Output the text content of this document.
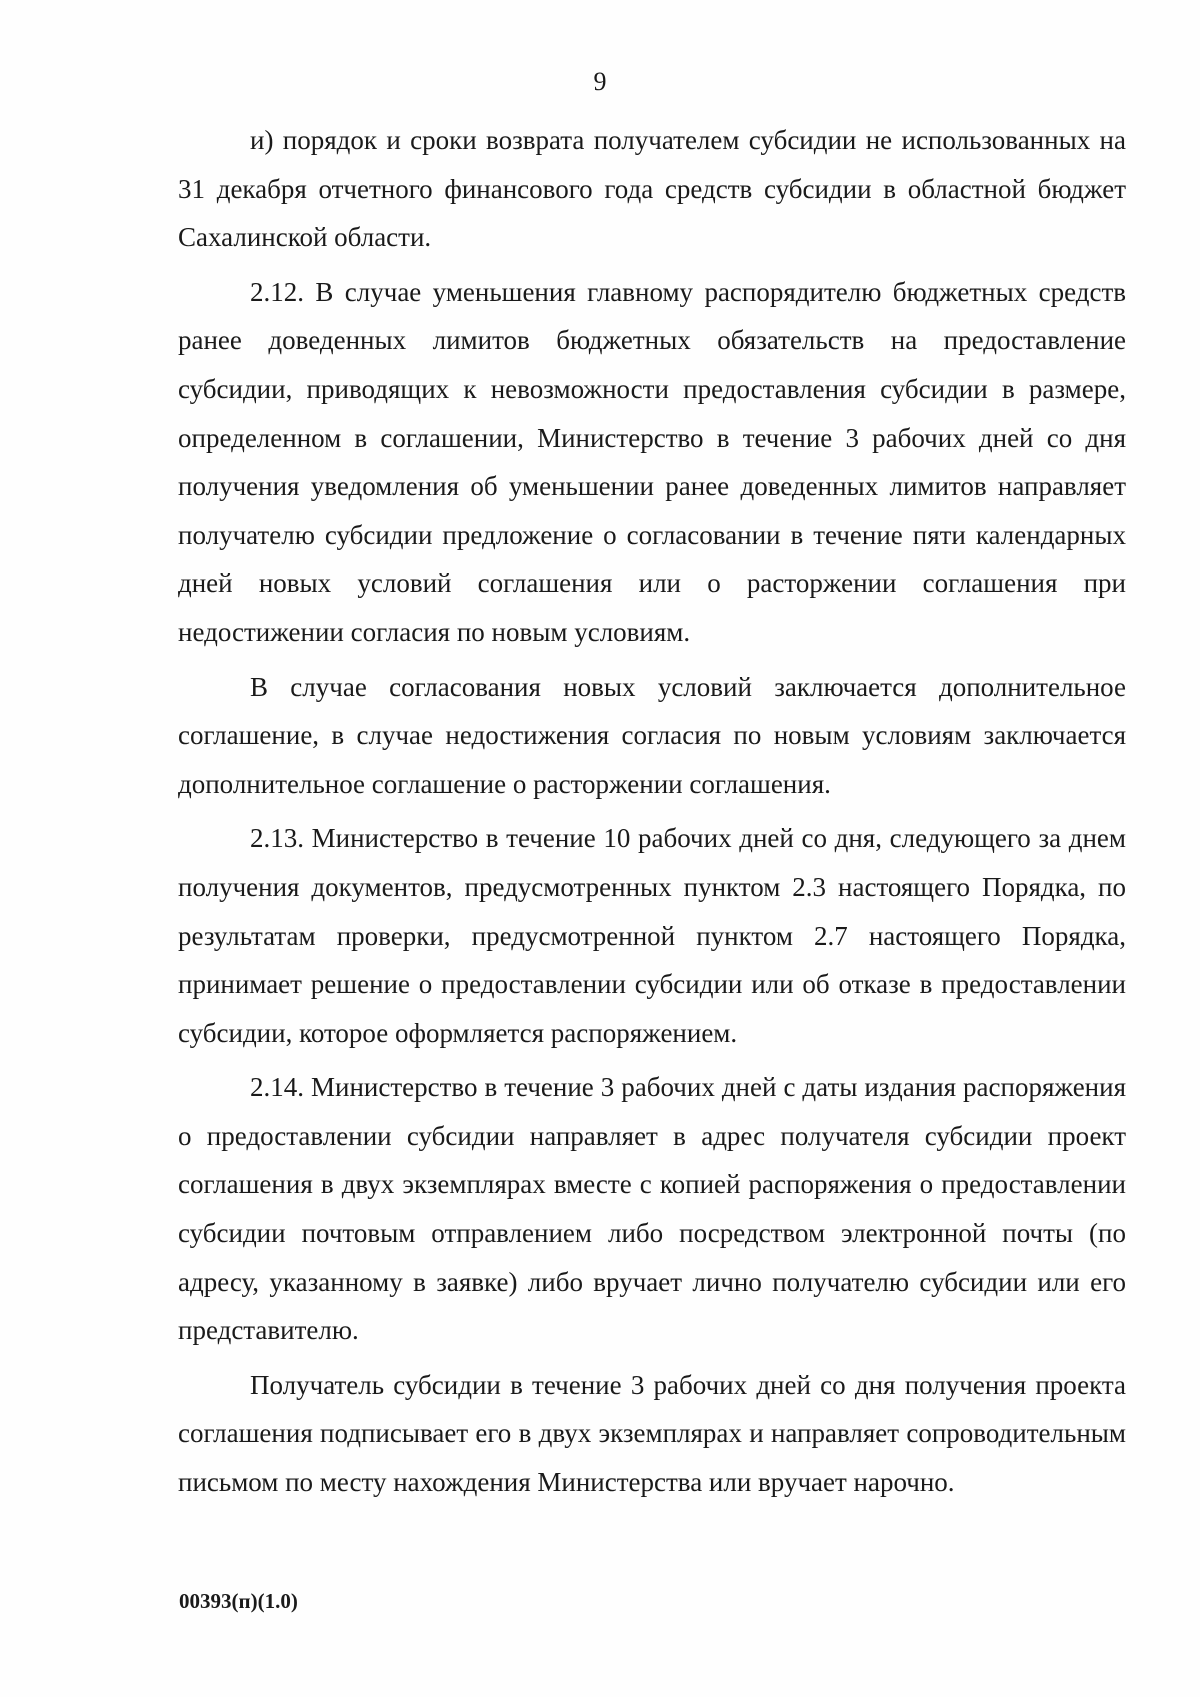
9

и) порядок и сроки возврата получателем субсидии не использованных на 31 декабря отчетного финансового года средств субсидии в областной бюджет Сахалинской области.

2.12. В случае уменьшения главному распорядителю бюджетных средств ранее доведенных лимитов бюджетных обязательств на предоставление субсидии, приводящих к невозможности предоставления субсидии в размере, определенном в соглашении, Министерство в течение 3 рабочих дней со дня получения уведомления об уменьшении ранее доведенных лимитов направляет получателю субсидии предложение о согласовании в течение пяти календарных дней новых условий соглашения или о расторжении соглашения при недостижении согласия по новым условиям.

В случае согласования новых условий заключается дополнительное соглашение, в случае недостижения согласия по новым условиям заключается дополнительное соглашение о расторжении соглашения.

2.13. Министерство в течение 10 рабочих дней со дня, следующего за днем получения документов, предусмотренных пунктом 2.3 настоящего Порядка, по результатам проверки, предусмотренной пунктом 2.7 настоящего Порядка, принимает решение о предоставлении субсидии или об отказе в предоставлении субсидии, которое оформляется распоряжением.

2.14. Министерство в течение 3 рабочих дней с даты издания распоряжения о предоставлении субсидии направляет в адрес получателя субсидии проект соглашения в двух экземплярах вместе с копией распоряжения о предоставлении субсидии почтовым отправлением либо посредством электронной почты (по адресу, указанному в заявке) либо вручает лично получателю субсидии или его представителю.

Получатель субсидии в течение 3 рабочих дней со дня получения проекта соглашения подписывает его в двух экземплярах и направляет сопроводительным письмом по месту нахождения Министерства или вручает нарочно.

00393(п)(1.0)
